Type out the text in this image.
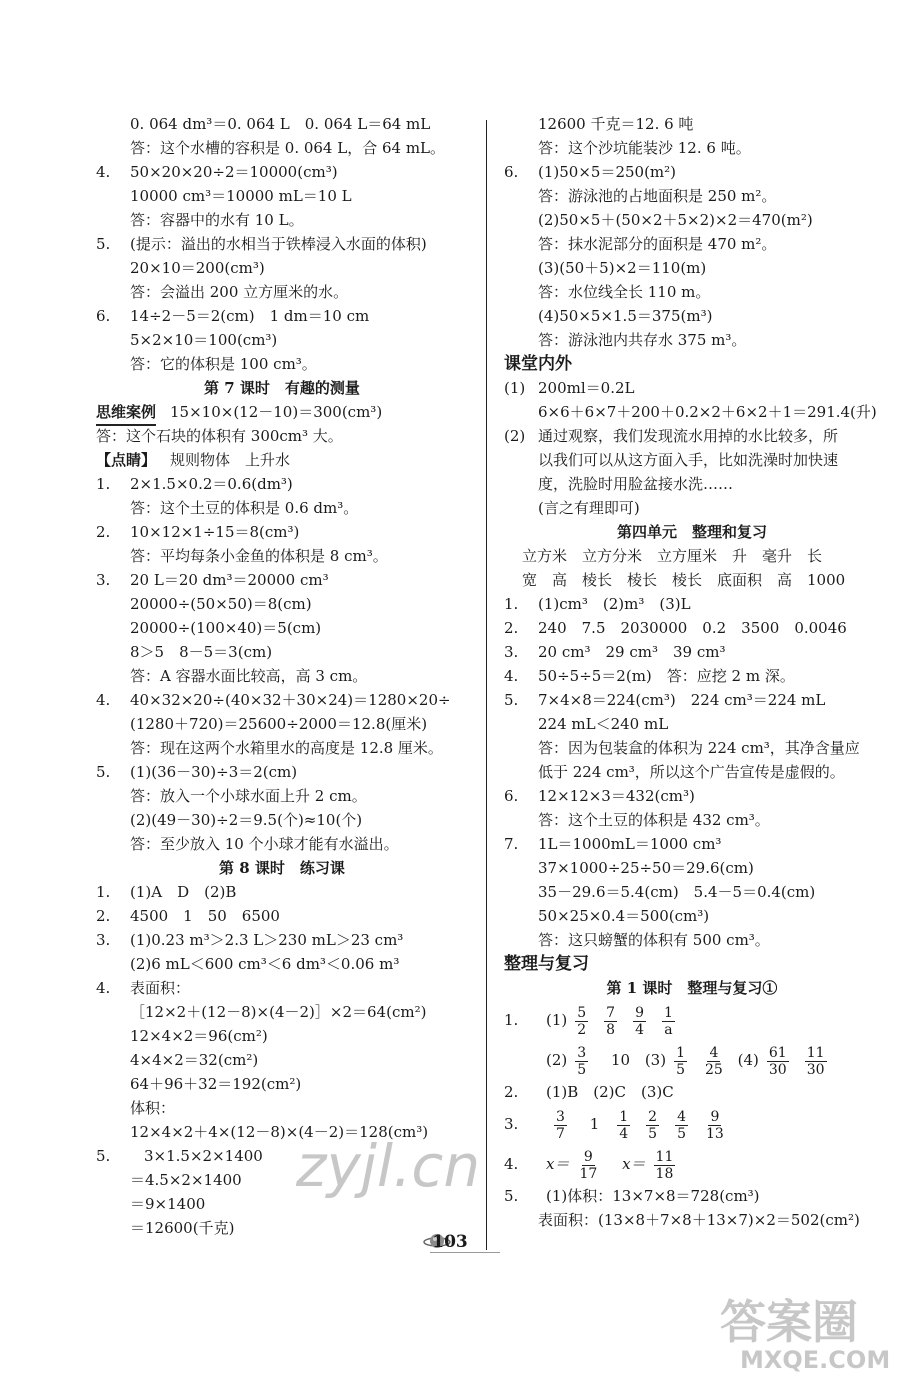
0. 064 dm³＝0. 064 L　0. 064 L＝64 mL
答：这个水槽的容积是 0. 064 L，合 64 mL。
4. 50×20×20÷2＝10000(cm³)
10000 cm³＝10000 mL＝10 L
答：容器中的水有 10 L。
5. (提示：溢出的水相当于铁棒浸入水面的体积)
20×10＝200(cm³)
答：会溢出 200 立方厘米的水。
6. 14÷2－5＝2(cm)　1 dm＝10 cm
5×2×10＝100(cm³)
答：它的体积是 100 cm³。
第 7 课时　有趣的测量
思维案例 15×10×(12－10)＝300(cm³)
答：这个石块的体积有 300cm³ 大。
【点睛】 规则物体　上升水
1. 2×1.5×0.2＝0.6(dm³)
答：这个土豆的体积是 0.6 dm³。
2. 10×12×1÷15＝8(cm³)
答：平均每条小金鱼的体积是 8 cm³。
3. 20 L＝20 dm³＝20000 cm³
20000÷(50×50)＝8(cm)
20000÷(100×40)＝5(cm)
8＞5　8－5＝3(cm)
答：A 容器水面比较高，高 3 cm。
4. 40×32×20÷(40×32＋30×24)＝1280×20÷
(1280＋720)＝25600÷2000＝12.8(厘米)
答：现在这两个水箱里水的高度是 12.8 厘米。
5. (1)(36－30)÷3＝2(cm)
答：放入一个小球水面上升 2 cm。
(2)(49－30)÷2＝9.5(个)≈10(个)
答：至少放入 10 个小球才能有水溢出。
第 8 课时　练习课
1. (1)A　D　(2)B
2. 4500　1　50　6500
3. (1)0.23 m³＞2.3 L＞230 mL＞23 cm³
(2)6 mL＜600 cm³＜6 dm³＜0.06 m³
4. 表面积：
［12×2＋(12－8)×(4－2)］×2＝64(cm²)
12×4×2＝96(cm²)
4×4×2＝32(cm²)
64＋96＋32＝192(cm²)
体积：
12×4×2＋4×(12－8)×(4－2)＝128(cm³)
5. 3×1.5×2×1400
＝4.5×2×1400
＝9×1400
＝12600(千克)
12600 千克＝12. 6 吨
答：这个沙坑能装沙 12. 6 吨。
6. (1)50×5＝250(m²)
答：游泳池的占地面积是 250 m²。
(2)50×5＋(50×2＋5×2)×2＝470(m²)
答：抹水泥部分的面积是 470 m²。
(3)(50＋5)×2＝110(m)
答：水位线全长 110 m。
(4)50×5×1.5＝375(m³)
答：游泳池内共存水 375 m³。
课堂内外
(1) 200ml＝0.2L
6×6＋6×7＋200＋0.2×2＋6×2＋1＝291.4(升)
(2) 通过观察，我们发现流水用掉的水比较多，所
以我们可以从这方面入手，比如洗澡时加快速
度，洗脸时用脸盆接水洗……
(言之有理即可)
第四单元　整理和复习
立方米　立方分米　立方厘米　升　毫升　长
宽　高　棱长　棱长　棱长　底面积　高　1000
1. (1)cm³　(2)m³　(3)L
2. 240　7.5　2030000　0.2　3500　0.0046
3. 20 cm³　29 cm³　39 cm³
4. 50÷5÷5＝2(m)　答：应挖 2 m 深。
5. 7×4×8＝224(cm³)　224 cm³＝224 mL
224 mL＜240 mL
答：因为包装盒的体积为 224 cm³，其净含量应
低于 224 cm³，所以这个广告宣传是虚假的。
6. 12×12×3＝432(cm³)
答：这个土豆的体积是 432 cm³。
7. 1L＝1000mL＝1000 cm³
37×1000÷25÷50＝29.6(cm)
35－29.6＝5.4(cm)　5.4－5＝0.4(cm)
50×25×0.4＝500(cm³)
答：这只螃蟹的体积有 500 cm³。
整理与复习
第 1 课时　整理与复习①
1. $(1) \frac{5}{2} \frac{7}{8} \frac{9}{4} \frac{1}{a}$
$(2) \frac{3}{5} 10$ $(3) \frac{1}{5} \frac{4}{25} (4) \frac{61}{30} \frac{11}{30}$
2. (1)B　(2)C　(3)C
3.	$\frac{3}{7} 1 \frac{1}{4} \frac{2}{5} \frac{4}{5} \frac{9}{13}$
4. $x= \frac{9}{17} x= \frac{11}{18}$
5. (1)体积：13×7×8＝728(cm³)
表面积：(13×8＋7×8＋13×7)×2＝502(cm²)
103
zyjl.cn
答案圈
MXQE.COM
